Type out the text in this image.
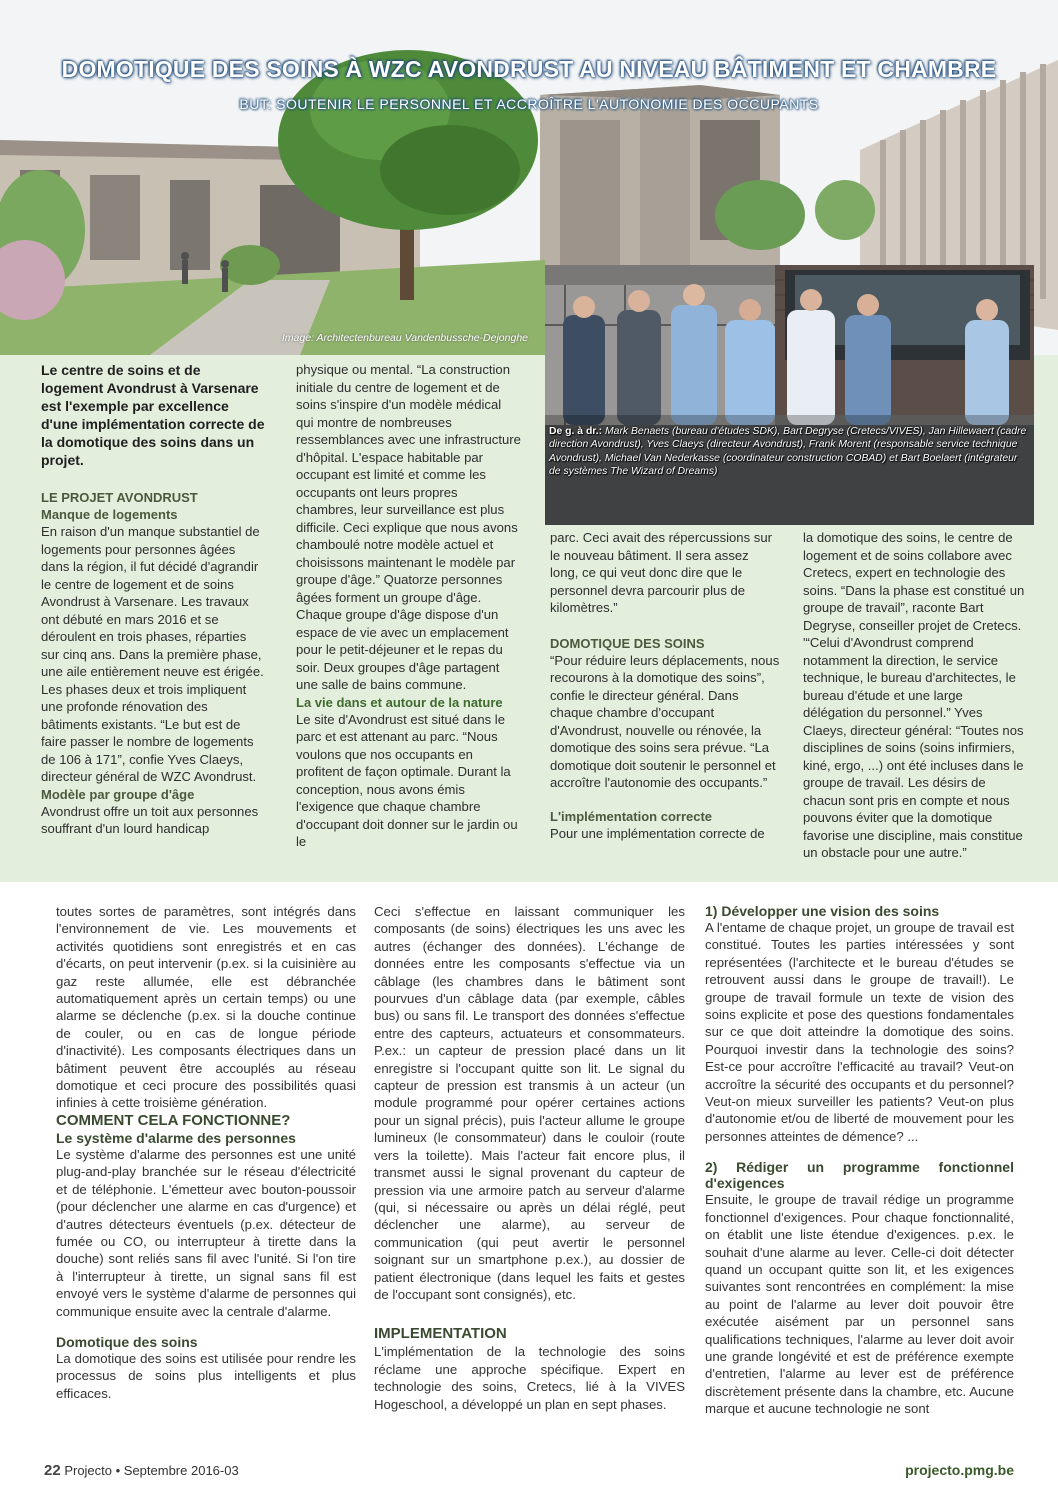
DOMOTIQUE DES SOINS À WZC AVONDRUST AU NIVEAU BÂTIMENT ET CHAMBRE
BUT: SOUTENIR LE PERSONNEL ET ACCROÎTRE L'AUTONOMIE DES OCCUPANTS
Image: Architectenbureau Vandenbussche-Dejonghe
De g. à dr.: Mark Benaets (bureau d'études SDK), Bart Degryse (Cretecs/VIVES), Jan Hillewaert (cadre direction Avondrust), Yves Claeys (directeur Avondrust), Frank Morent (responsable service technique Avondrust), Michael Van Nederkasse (coordinateur construction COBAD) et Bart Boelaert (intégrateur de systèmes The Wizard of Dreams)

Le centre de soins et de logement Avondrust à Varsenare est l'exemple par excellence d'une implémentation correcte de la domotique des soins dans un projet.

LE PROJET AVONDRUST

Manque de logements

En raison d'un manque substantiel de logements pour personnes âgées dans la région, il fut décidé d'agrandir le centre de logement et de soins Avondrust à Varsenare. Les travaux ont débuté en mars 2016 et se déroulent en trois phases, réparties sur cinq ans. Dans la première phase, une aile entièrement neuve est érigée. Les phases deux et trois impliquent une profonde rénovation des bâtiments existants. “Le but est de faire passer le nombre de logements de 106 à 171”, confie Yves Claeys, directeur général de WZC Avondrust.

Modèle par groupe d'âge

Avondrust offre un toit aux personnes souffrant d'un lourd handicap

physique ou mental. “La construction initiale du centre de logement et de soins s'inspire d'un modèle médical qui montre de nombreuses ressemblances avec une infrastructure d'hôpital. L'espace habitable par occupant est limité et comme les occupants ont leurs propres chambres, leur surveillance est plus difficile. Ceci explique que nous avons chamboulé notre modèle actuel et choisissons maintenant le modèle par groupe d'âge.” Quatorze personnes âgées forment un groupe d'âge. Chaque groupe d'âge dispose d'un espace de vie avec un emplacement pour le petit-déjeuner et le repas du soir. Deux groupes d'âge partagent une salle de bains commune.

La vie dans et autour de la nature

Le site d'Avondrust est situé dans le parc et est attenant au parc. “Nous voulons que nos occupants en profitent de façon optimale. Durant la conception, nous avons émis l'exigence que chaque chambre d'occupant doit donner sur le jardin ou le

parc. Ceci avait des répercussions sur le nouveau bâtiment. Il sera assez long, ce qui veut donc dire que le personnel devra parcourir plus de kilomètres.”

DOMOTIQUE DES SOINS

“Pour réduire leurs déplacements, nous recourons à la domotique des soins”, confie le directeur général. Dans chaque chambre d'occupant d'Avondrust, nouvelle ou rénovée, la domotique des soins sera prévue. “La domotique doit soutenir le personnel et accroître l'autonomie des occupants.”

L'implémentation correcte

Pour une implémentation correcte de

la domotique des soins, le centre de logement et de soins collabore avec Cretecs, expert en technologie des soins. “Dans la phase est constitué un groupe de travail”, raconte Bart Degryse, conseiller projet de Cretecs. '“Celui d'Avondrust comprend notamment la direction, le service technique, le bureau d'architectes, le bureau d'étude et une large délégation du personnel.” Yves Claeys, directeur général: “Toutes nos disciplines de soins (soins infirmiers, kiné, ergo, ...) ont été incluses dans le groupe de travail. Les désirs de chacun sont pris en compte et nous pouvons éviter que la domotique favorise une discipline, mais constitue un obstacle pour une autre.”

toutes sortes de paramètres, sont intégrés dans l'environnement de vie. Les mouvements et activités quotidiens sont enregistrés et en cas d'écarts, on peut intervenir (p.ex. si la cuisinière au gaz reste allumée, elle est débranchée automatiquement après un certain temps) ou une alarme se déclenche (p.ex. si la douche continue de couler, ou en cas de longue période d'inactivité). Les composants électriques dans un bâtiment peuvent être accouplés au réseau domotique et ceci procure des possibilités quasi infinies à cette troisième génération.

COMMENT CELA FONCTIONNE?

Le système d'alarme des personnes

Le système d'alarme des personnes est une unité plug-and-play branchée sur le réseau d'électricité et de téléphonie. L'émetteur avec bouton-poussoir (pour déclencher une alarme en cas d'urgence) et d'autres détecteurs éventuels (p.ex. détecteur de fumée ou CO, ou interrupteur à tirette dans la douche) sont reliés sans fil avec l'unité. Si l'on tire à l'interrupteur à tirette, un signal sans fil est envoyé vers le système d'alarme de personnes qui communique ensuite avec la centrale d'alarme.

Domotique des soins

La domotique des soins est utilisée pour rendre les processus de soins plus intelligents et plus efficaces.

Ceci s'effectue en laissant communiquer les composants (de soins) électriques les uns avec les autres (échanger des données). L'échange de données entre les composants s'effectue via un câblage (les chambres dans le bâtiment sont pourvues d'un câblage data (par exemple, câbles bus) ou sans fil. Le transport des données s'effectue entre des capteurs, actuateurs et consommateurs. P.ex.: un capteur de pression placé dans un lit enregistre si l'occupant quitte son lit. Le signal du capteur de pression est transmis à un acteur (un module programmé pour opérer certaines actions pour un signal précis), puis l'acteur allume le groupe lumineux (le consommateur) dans le couloir (route vers la toilette). Mais l'acteur fait encore plus, il transmet aussi le signal provenant du capteur de pression via une armoire patch au serveur d'alarme (qui, si nécessaire ou après un délai réglé, peut déclencher une alarme), au serveur de communication (qui peut avertir le personnel soignant sur un smartphone p.ex.), au dossier de patient électronique (dans lequel les faits et gestes de l'occupant sont consignés), etc.

IMPLEMENTATION

L'implémentation de la technologie des soins réclame une approche spécifique. Expert en technologie des soins, Cretecs, lié à la VIVES Hogeschool, a développé un plan en sept phases.

1) Développer une vision des soins

A l'entame de chaque projet, un groupe de travail est constitué. Toutes les parties intéressées y sont représentées (l'architecte et le bureau d'études se retrouvent aussi dans le groupe de travail!). Le groupe de travail formule un texte de vision des soins explicite et pose des questions fondamentales sur ce que doit atteindre la domotique des soins. Pourquoi investir dans la technologie des soins? Est-ce pour accroître l'efficacité au travail? Veut-on accroître la sécurité des occupants et du personnel? Veut-on mieux surveiller les patients? Veut-on plus d'autonomie et/ou de liberté de mouvement pour les personnes atteintes de démence? ...

2) Rédiger un programme fonctionnel d'exigences

Ensuite, le groupe de travail rédige un programme fonctionnel d'exigences. Pour chaque fonctionnalité, on établit une liste étendue d'exigences. p.ex. le souhait d'une alarme au lever. Celle-ci doit détecter quand un occupant quitte son lit, et les exigences suivantes sont rencontrées en complément: la mise au point de l'alarme au lever doit pouvoir être exécutée aisément par un personnel sans qualifications techniques, l'alarme au lever doit avoir une grande longévité et est de préférence exempte d'entretien, l'alarme au lever est de préférence discrètement présente dans la chambre, etc. Aucune marque et aucune technologie ne sont

22 Projecto • Septembre 2016-03	projecto.pmg.be
